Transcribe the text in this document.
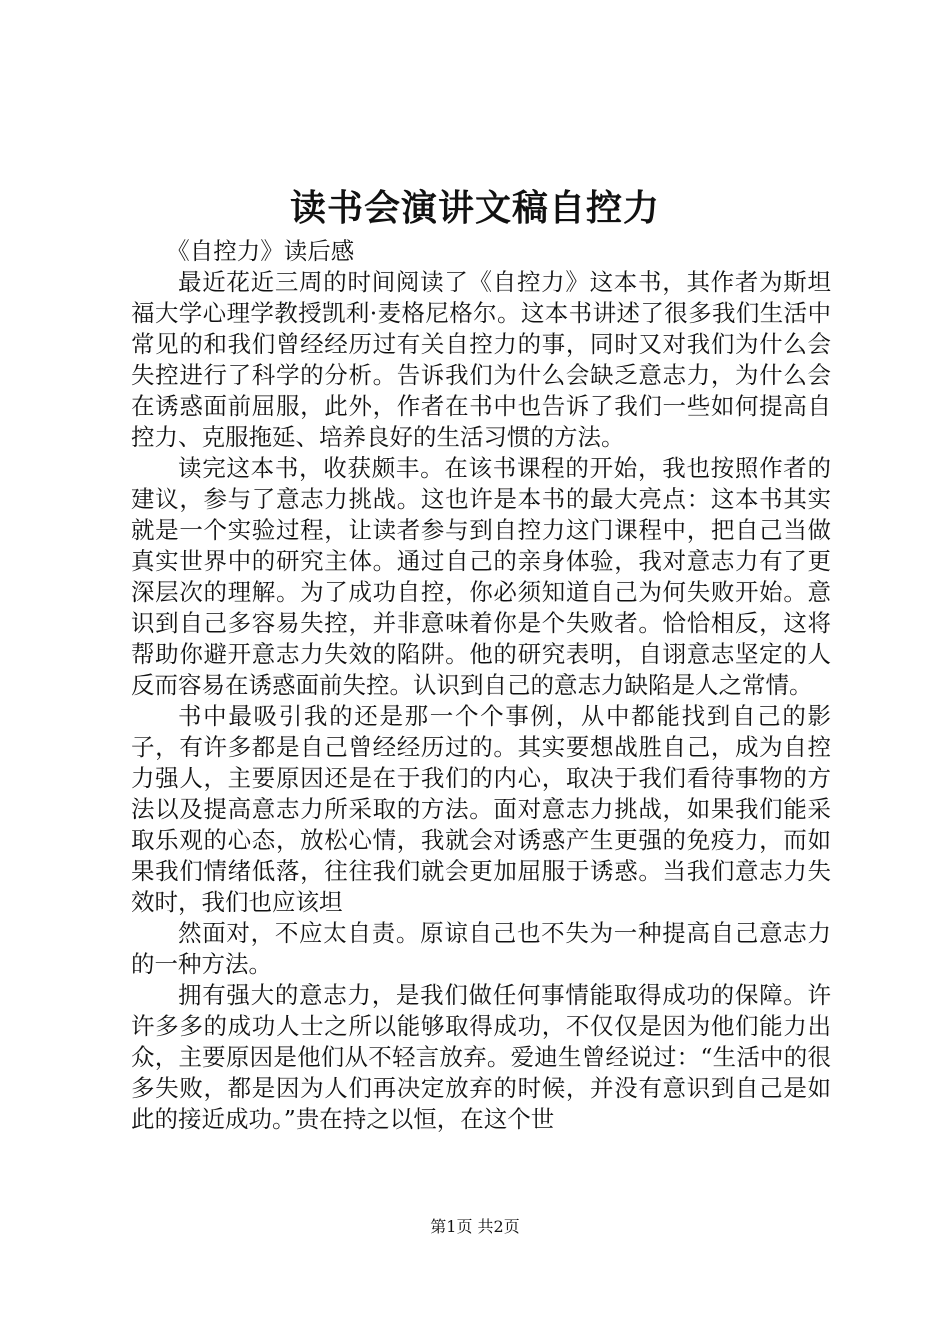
读书会演讲文稿自控力

《自控力》读后感

最近花近三周的时间阅读了《自控力》这本书，其作者为斯坦福大学心理学教授凯利·麦格尼格尔。这本书讲述了很多我们生活中常见的和我们曾经经历过有关自控力的事，同时又对我们为什么会失控进行了科学的分析。告诉我们为什么会缺乏意志力，为什么会在诱惑面前屈服，此外，作者在书中也告诉了我们一些如何提高自控力、克服拖延、培养良好的生活习惯的方法。

读完这本书，收获颇丰。在该书课程的开始，我也按照作者的建议，参与了意志力挑战。这也许是本书的最大亮点：这本书其实就是一个实验过程，让读者参与到自控力这门课程中，把自己当做真实世界中的研究主体。通过自己的亲身体验，我对意志力有了更深层次的理解。为了成功自控，你必须知道自己为何失败开始。意识到自己多容易失控，并非意味着你是个失败者。恰恰相反，这将帮助你避开意志力失效的陷阱。他的研究表明，自诩意志坚定的人反而容易在诱惑面前失控。认识到自己的意志力缺陷是人之常情。

书中最吸引我的还是那一个个事例，从中都能找到自己的影子，有许多都是自己曾经经历过的。其实要想战胜自己，成为自控力强人，主要原因还是在于我们的内心，取决于我们看待事物的方法以及提高意志力所采取的方法。面对意志力挑战，如果我们能采取乐观的心态，放松心情，我就会对诱惑产生更强的免疫力，而如果我们情绪低落，往往我们就会更加屈服于诱惑。当我们意志力失效时，我们也应该坦

然面对，不应太自责。原谅自己也不失为一种提高自己意志力的一种方法。

拥有强大的意志力，是我们做任何事情能取得成功的保障。许许多多的成功人士之所以能够取得成功，不仅仅是因为他们能力出众，主要原因是他们从不轻言放弃。爱迪生曾经说过：“生活中的很多失败，都是因为人们再决定放弃的时候，并没有意识到自己是如此的接近成功。”贵在持之以恒，在这个世

第1页 共2页
